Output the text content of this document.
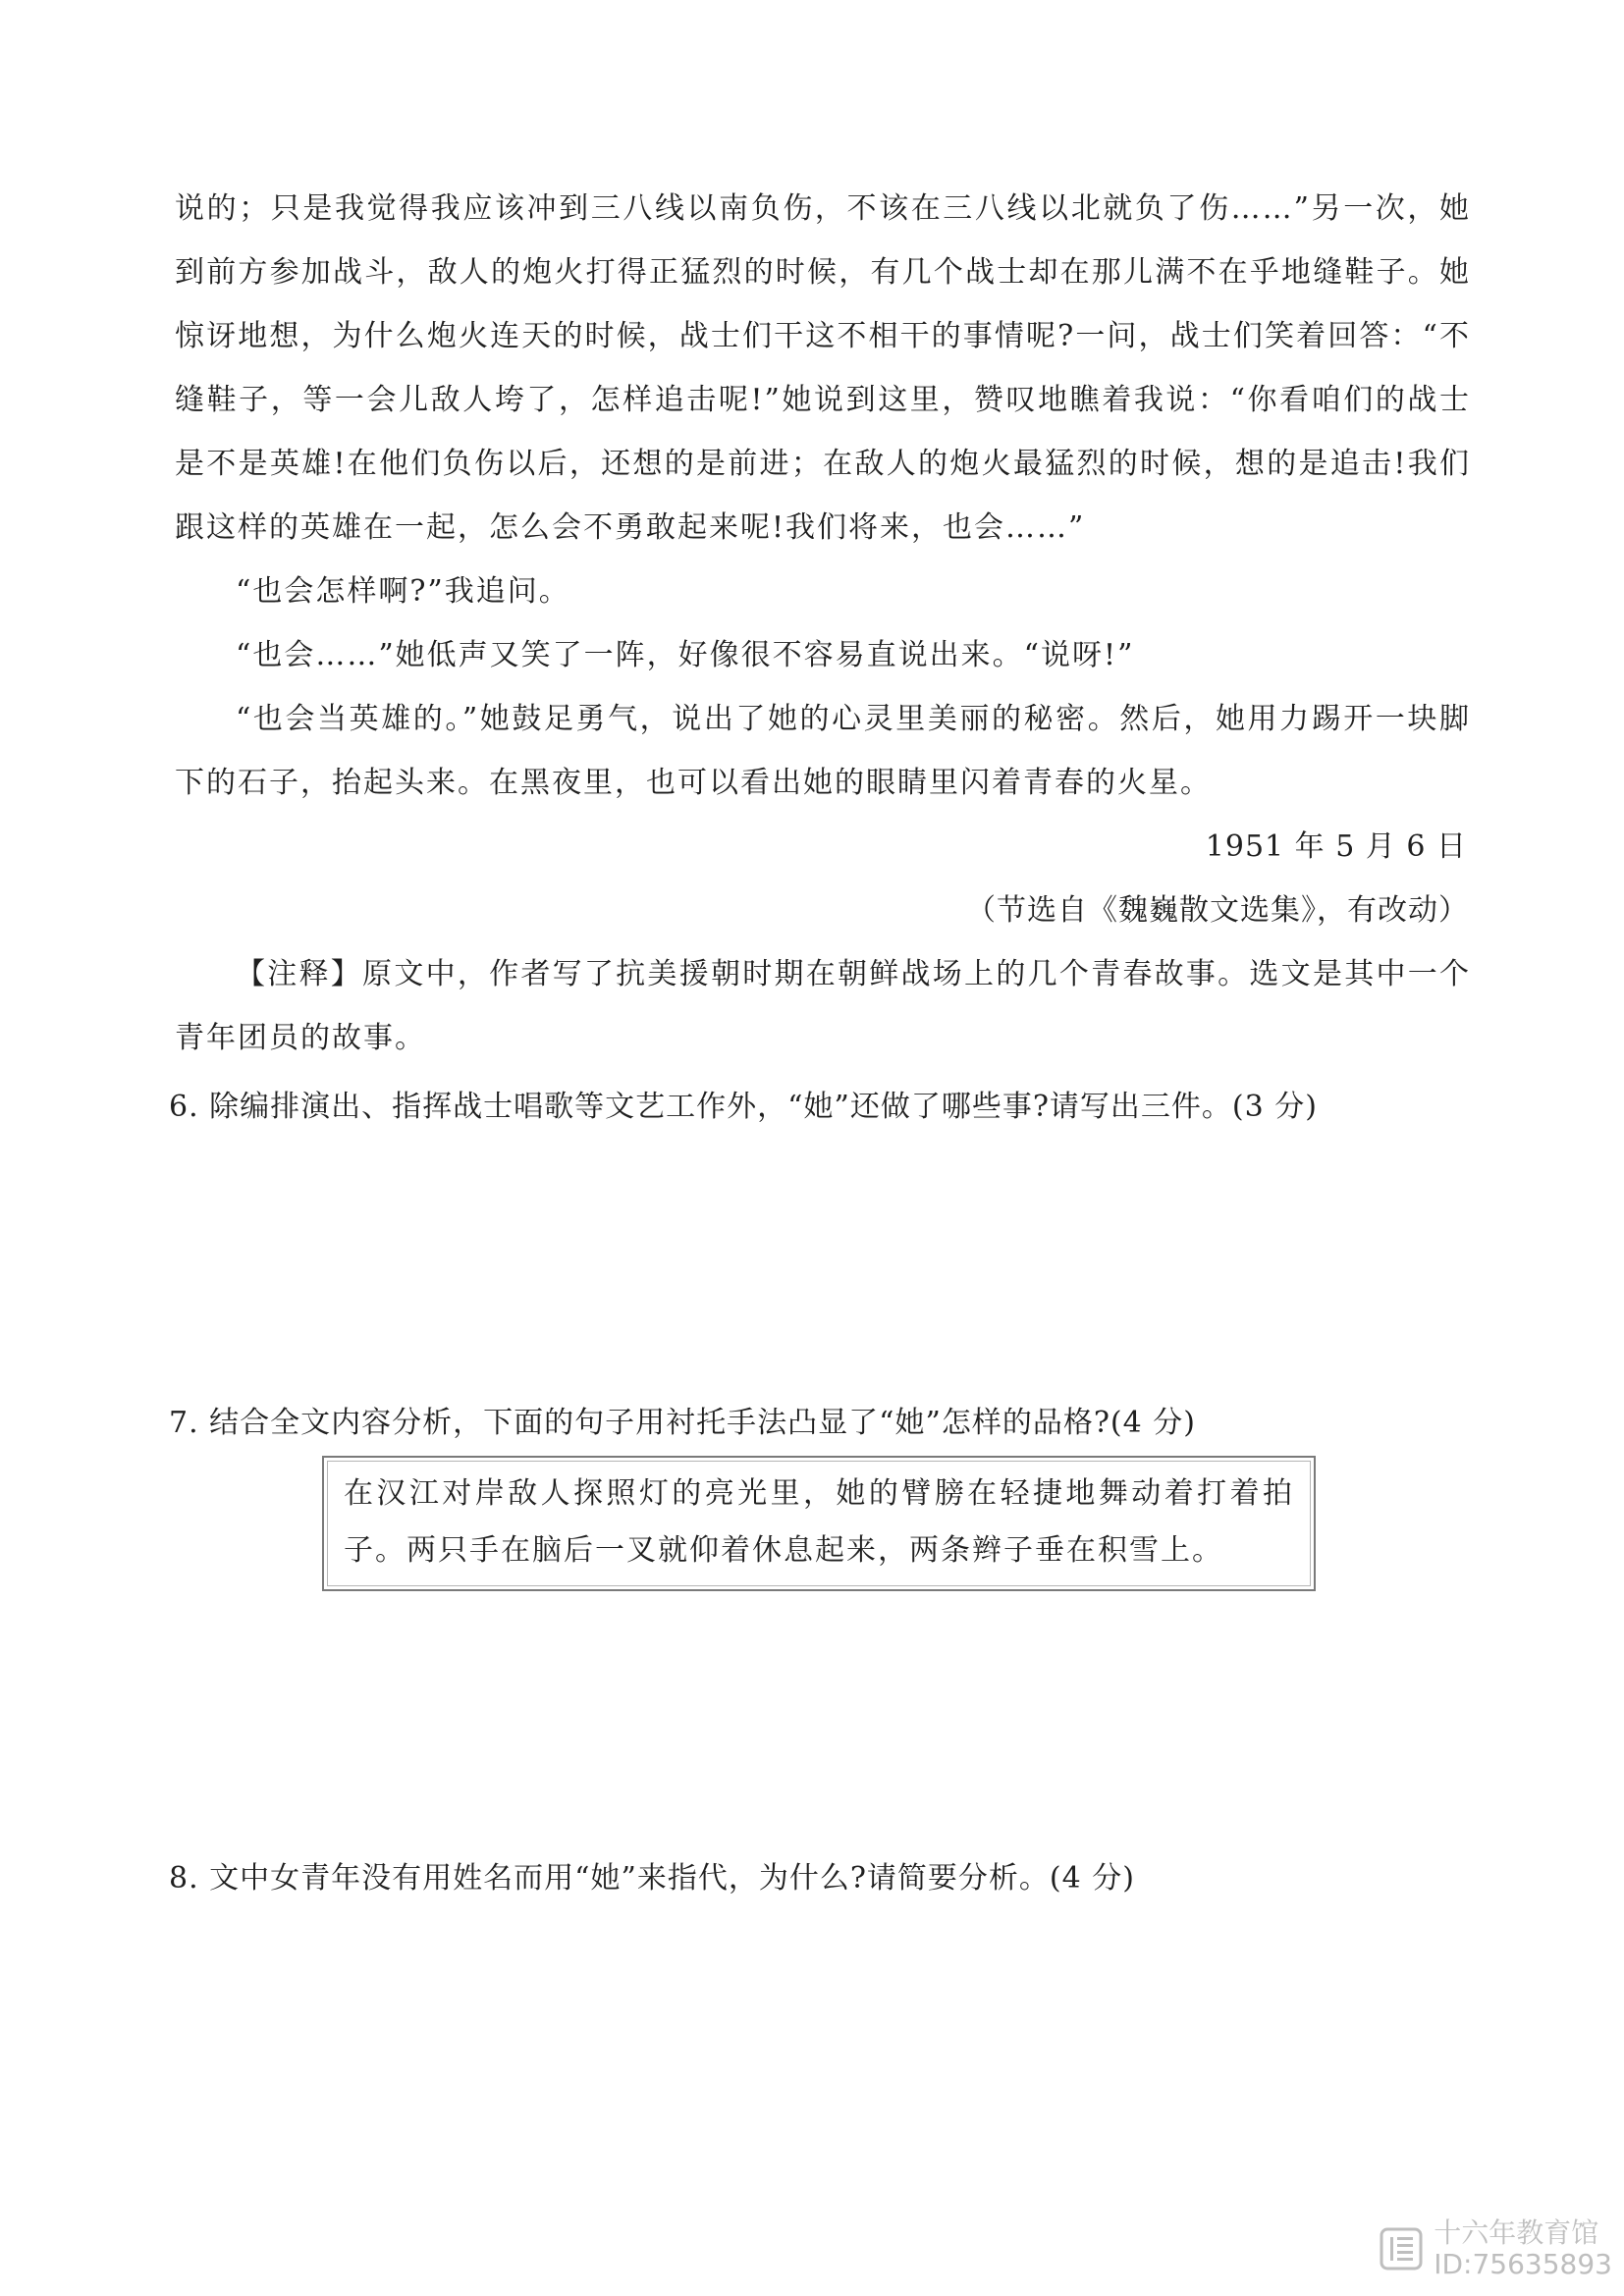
说的；只是我觉得我应该冲到三八线以南负伤，不该在三八线以北就负了伤……”另一次，她到前方参加战斗，敌人的炮火打得正猛烈的时候，有几个战士却在那儿满不在乎地缝鞋子。她惊讶地想，为什么炮火连天的时候，战士们干这不相干的事情呢?一问，战士们笑着回答：“不缝鞋子，等一会儿敌人垮了，怎样追击呢!”她说到这里，赞叹地瞧着我说：“你看咱们的战士是不是英雄!在他们负伤以后，还想的是前进；在敌人的炮火最猛烈的时候，想的是追击!我们跟这样的英雄在一起，怎么会不勇敢起来呢!我们将来，也会……”

“也会怎样啊?”我追问。

“也会……”她低声又笑了一阵，好像很不容易直说出来。“说呀!”

“也会当英雄的。”她鼓足勇气，说出了她的心灵里美丽的秘密。然后，她用力踢开一块脚下的石子，抬起头来。在黑夜里，也可以看出她的眼睛里闪着青春的火星。

1951 年 5 月 6 日
（节选自《魏巍散文选集》，有改动）

【注释】原文中，作者写了抗美援朝时期在朝鲜战场上的几个青春故事。选文是其中一个青年团员的故事。

6. 除编排演出、指挥战士唱歌等文艺工作外，“她”还做了哪些事?请写出三件。(3 分)
7. 结合全文内容分析，下面的句子用衬托手法凸显了“她”怎样的品格?(4 分)
在汉江对岸敌人探照灯的亮光里，她的臂膀在轻捷地舞动着打着拍子。两只手在脑后一叉就仰着休息起来，两条辫子垂在积雪上。
8. 文中女青年没有用姓名而用“她”来指代，为什么?请简要分析。(4 分)
十六年教育馆
ID:75635893
